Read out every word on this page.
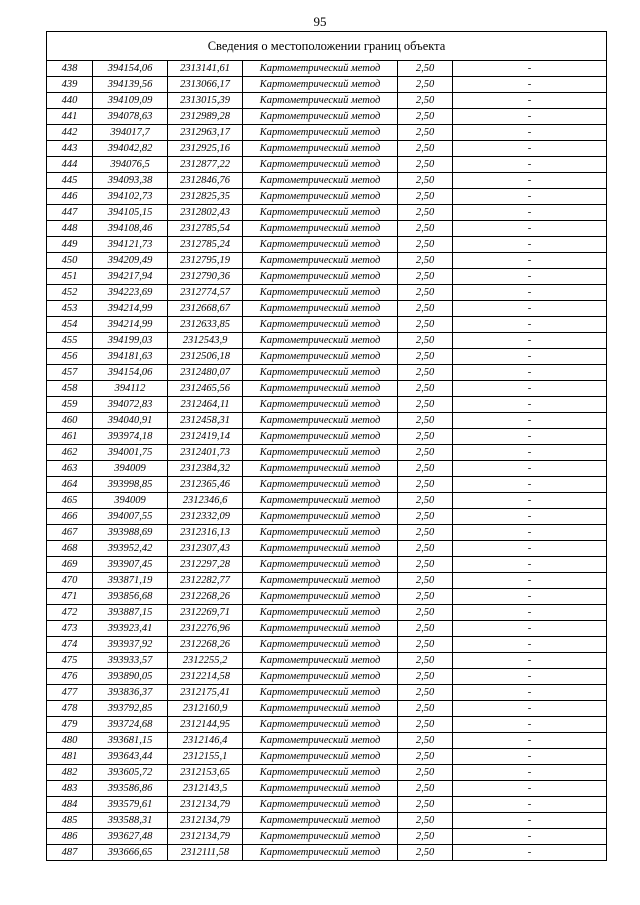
95
Сведения о местоположении границ объекта					
438	394154,06	2313141,61	Картометрический метод	2,50	-
439	394139,56	2313066,17	Картометрический метод	2,50	-
440	394109,09	2313015,39	Картометрический метод	2,50	-
441	394078,63	2312989,28	Картометрический метод	2,50	-
442	394017,7	2312963,17	Картометрический метод	2,50	-
443	394042,82	2312925,16	Картометрический метод	2,50	-
444	394076,5	2312877,22	Картометрический метод	2,50	-
445	394093,38	2312846,76	Картометрический метод	2,50	-
446	394102,73	2312825,35	Картометрический метод	2,50	-
447	394105,15	2312802,43	Картометрический метод	2,50	-
448	394108,46	2312785,54	Картометрический метод	2,50	-
449	394121,73	2312785,24	Картометрический метод	2,50	-
450	394209,49	2312795,19	Картометрический метод	2,50	-
451	394217,94	2312790,36	Картометрический метод	2,50	-
452	394223,69	2312774,57	Картометрический метод	2,50	-
453	394214,99	2312668,67	Картометрический метод	2,50	-
454	394214,99	2312633,85	Картометрический метод	2,50	-
455	394199,03	2312543,9	Картометрический метод	2,50	-
456	394181,63	2312506,18	Картометрический метод	2,50	-
457	394154,06	2312480,07	Картометрический метод	2,50	-
458	394112	2312465,56	Картометрический метод	2,50	-
459	394072,83	2312464,11	Картометрический метод	2,50	-
460	394040,91	2312458,31	Картометрический метод	2,50	-
461	393974,18	2312419,14	Картометрический метод	2,50	-
462	394001,75	2312401,73	Картометрический метод	2,50	-
463	394009	2312384,32	Картометрический метод	2,50	-
464	393998,85	2312365,46	Картометрический метод	2,50	-
465	394009	2312346,6	Картометрический метод	2,50	-
466	394007,55	2312332,09	Картометрический метод	2,50	-
467	393988,69	2312316,13	Картометрический метод	2,50	-
468	393952,42	2312307,43	Картометрический метод	2,50	-
469	393907,45	2312297,28	Картометрический метод	2,50	-
470	393871,19	2312282,77	Картометрический метод	2,50	-
471	393856,68	2312268,26	Картометрический метод	2,50	-
472	393887,15	2312269,71	Картометрический метод	2,50	-
473	393923,41	2312276,96	Картометрический метод	2,50	-
474	393937,92	2312268,26	Картометрический метод	2,50	-
475	393933,57	2312255,2	Картометрический метод	2,50	-
476	393890,05	2312214,58	Картометрический метод	2,50	-
477	393836,37	2312175,41	Картометрический метод	2,50	-
478	393792,85	2312160,9	Картометрический метод	2,50	-
479	393724,68	2312144,95	Картометрический метод	2,50	-
480	393681,15	2312146,4	Картометрический метод	2,50	-
481	393643,44	2312155,1	Картометрический метод	2,50	-
482	393605,72	2312153,65	Картометрический метод	2,50	-
483	393586,86	2312143,5	Картометрический метод	2,50	-
484	393579,61	2312134,79	Картометрический метод	2,50	-
485	393588,31	2312134,79	Картометрический метод	2,50	-
486	393627,48	2312134,79	Картометрический метод	2,50	-
487	393666,65	2312111,58	Картометрический метод	2,50	-
